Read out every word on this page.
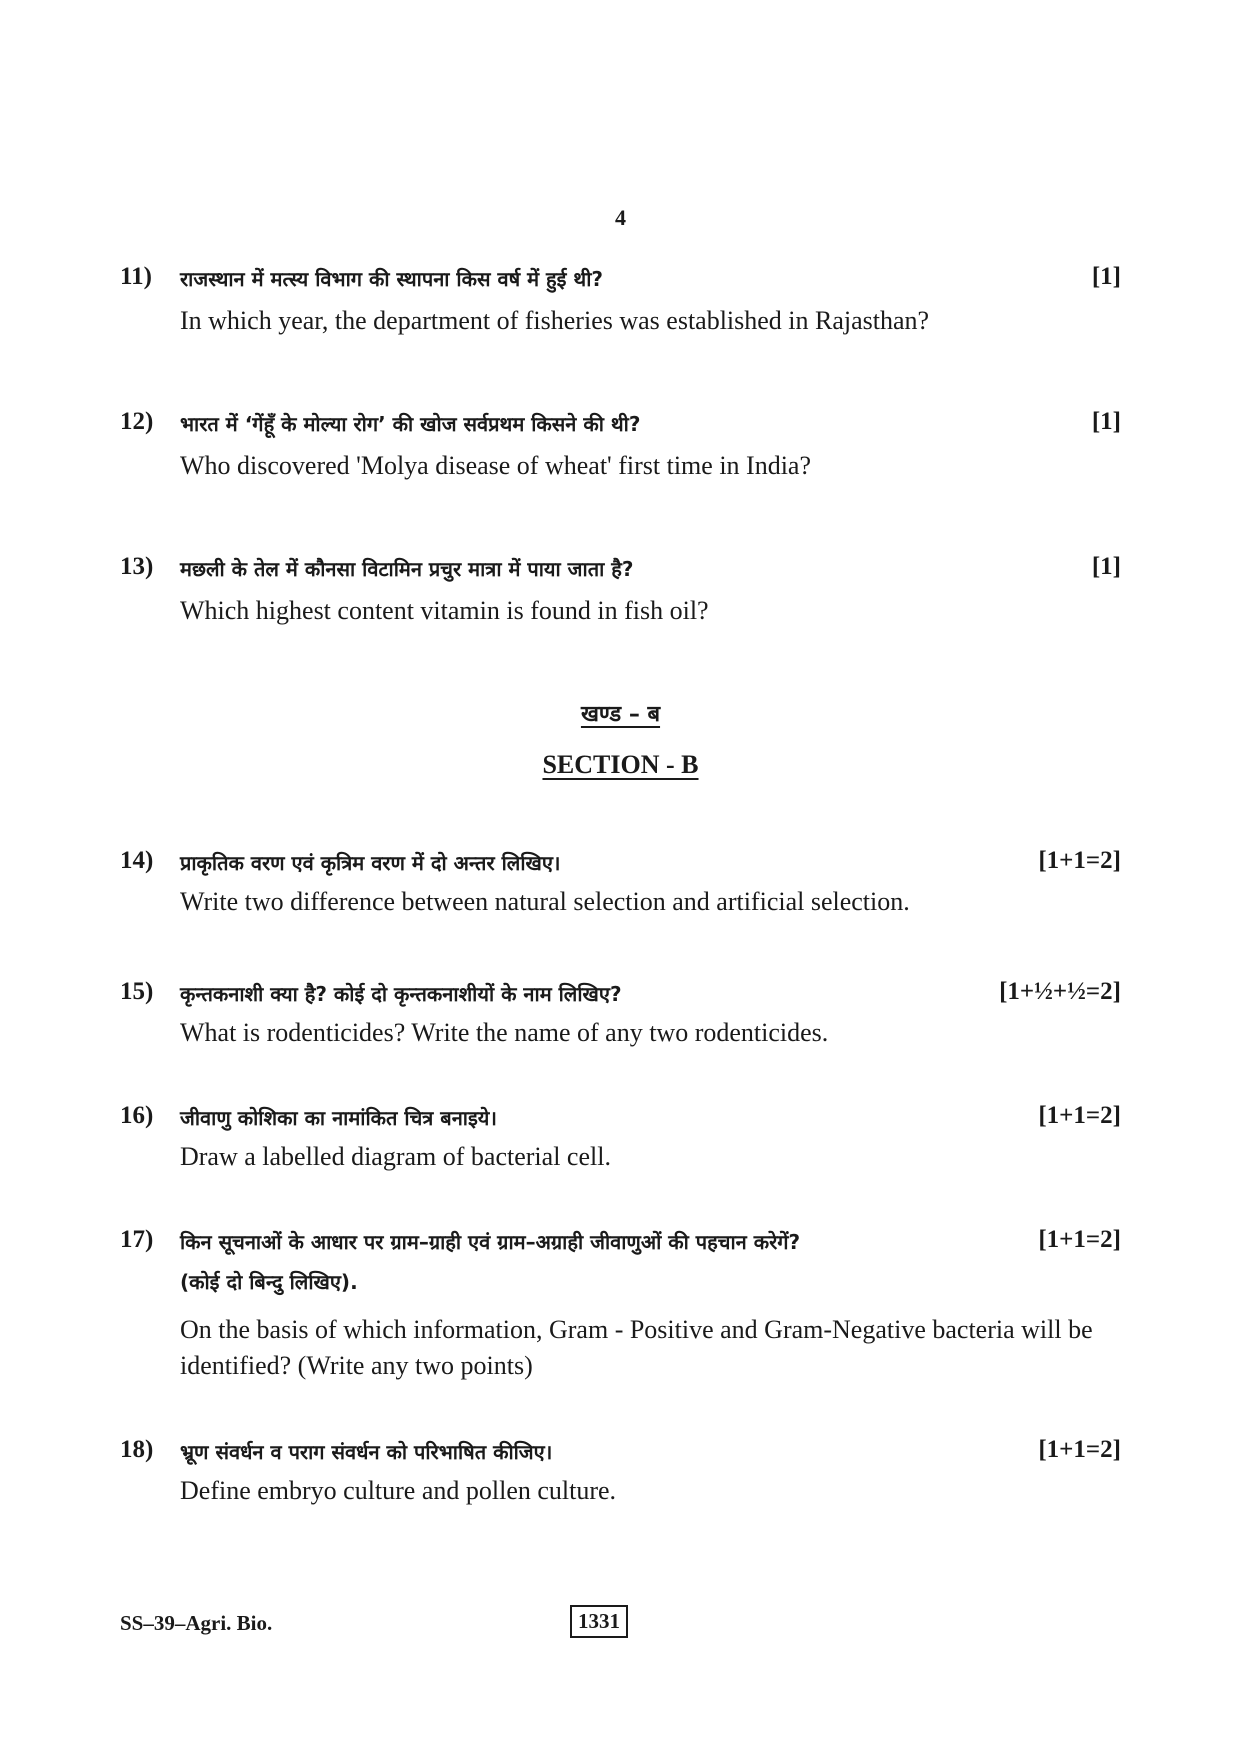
4
11) राजस्थान में मत्स्य विभाग की स्थापना किस वर्ष में हुई थी?	[1]
In which year, the department of fisheries was established in Rajasthan?
12) भारत में ‘गेंहूँ के मोल्या रोग’ की खोज सर्वप्रथम किसने की थी?	[1]
Who discovered 'Molya disease of wheat' first time in India?
13) मछली के तेल में कौनसा विटामिन प्रचुर मात्रा में पाया जाता है?	[1]
Which highest content vitamin is found in fish oil?
खण्ड – ब
SECTION - B
14) प्राकृतिक वरण एवं कृत्रिम वरण में दो अन्तर लिखिए।	[1+1=2]
Write two difference between natural selection and artificial selection.
15) कृन्तकनाशी क्या है? कोई दो कृन्तकनाशीयों के नाम लिखिए?	[1+½+½=2]
What is rodenticides? Write the name of any two rodenticides.
16) जीवाणु कोशिका का नामांकित चित्र बनाइये।	[1+1=2]
Draw a labelled diagram of bacterial cell.
17) किन सूचनाओं के आधार पर ग्राम–ग्राही एवं ग्राम–अग्राही जीवाणुओं की पहचान करेगें?	[1+1=2]
(कोई दो बिन्दु लिखिए).
On the basis of which information, Gram - Positive and Gram-Negative bacteria will be identified? (Write any two points)
18) भ्रूण संवर्धन व पराग संवर्धन को परिभाषित कीजिए।	[1+1=2]
Define embryo culture and pollen culture.
SS–39–Agri. Bio.	1331
